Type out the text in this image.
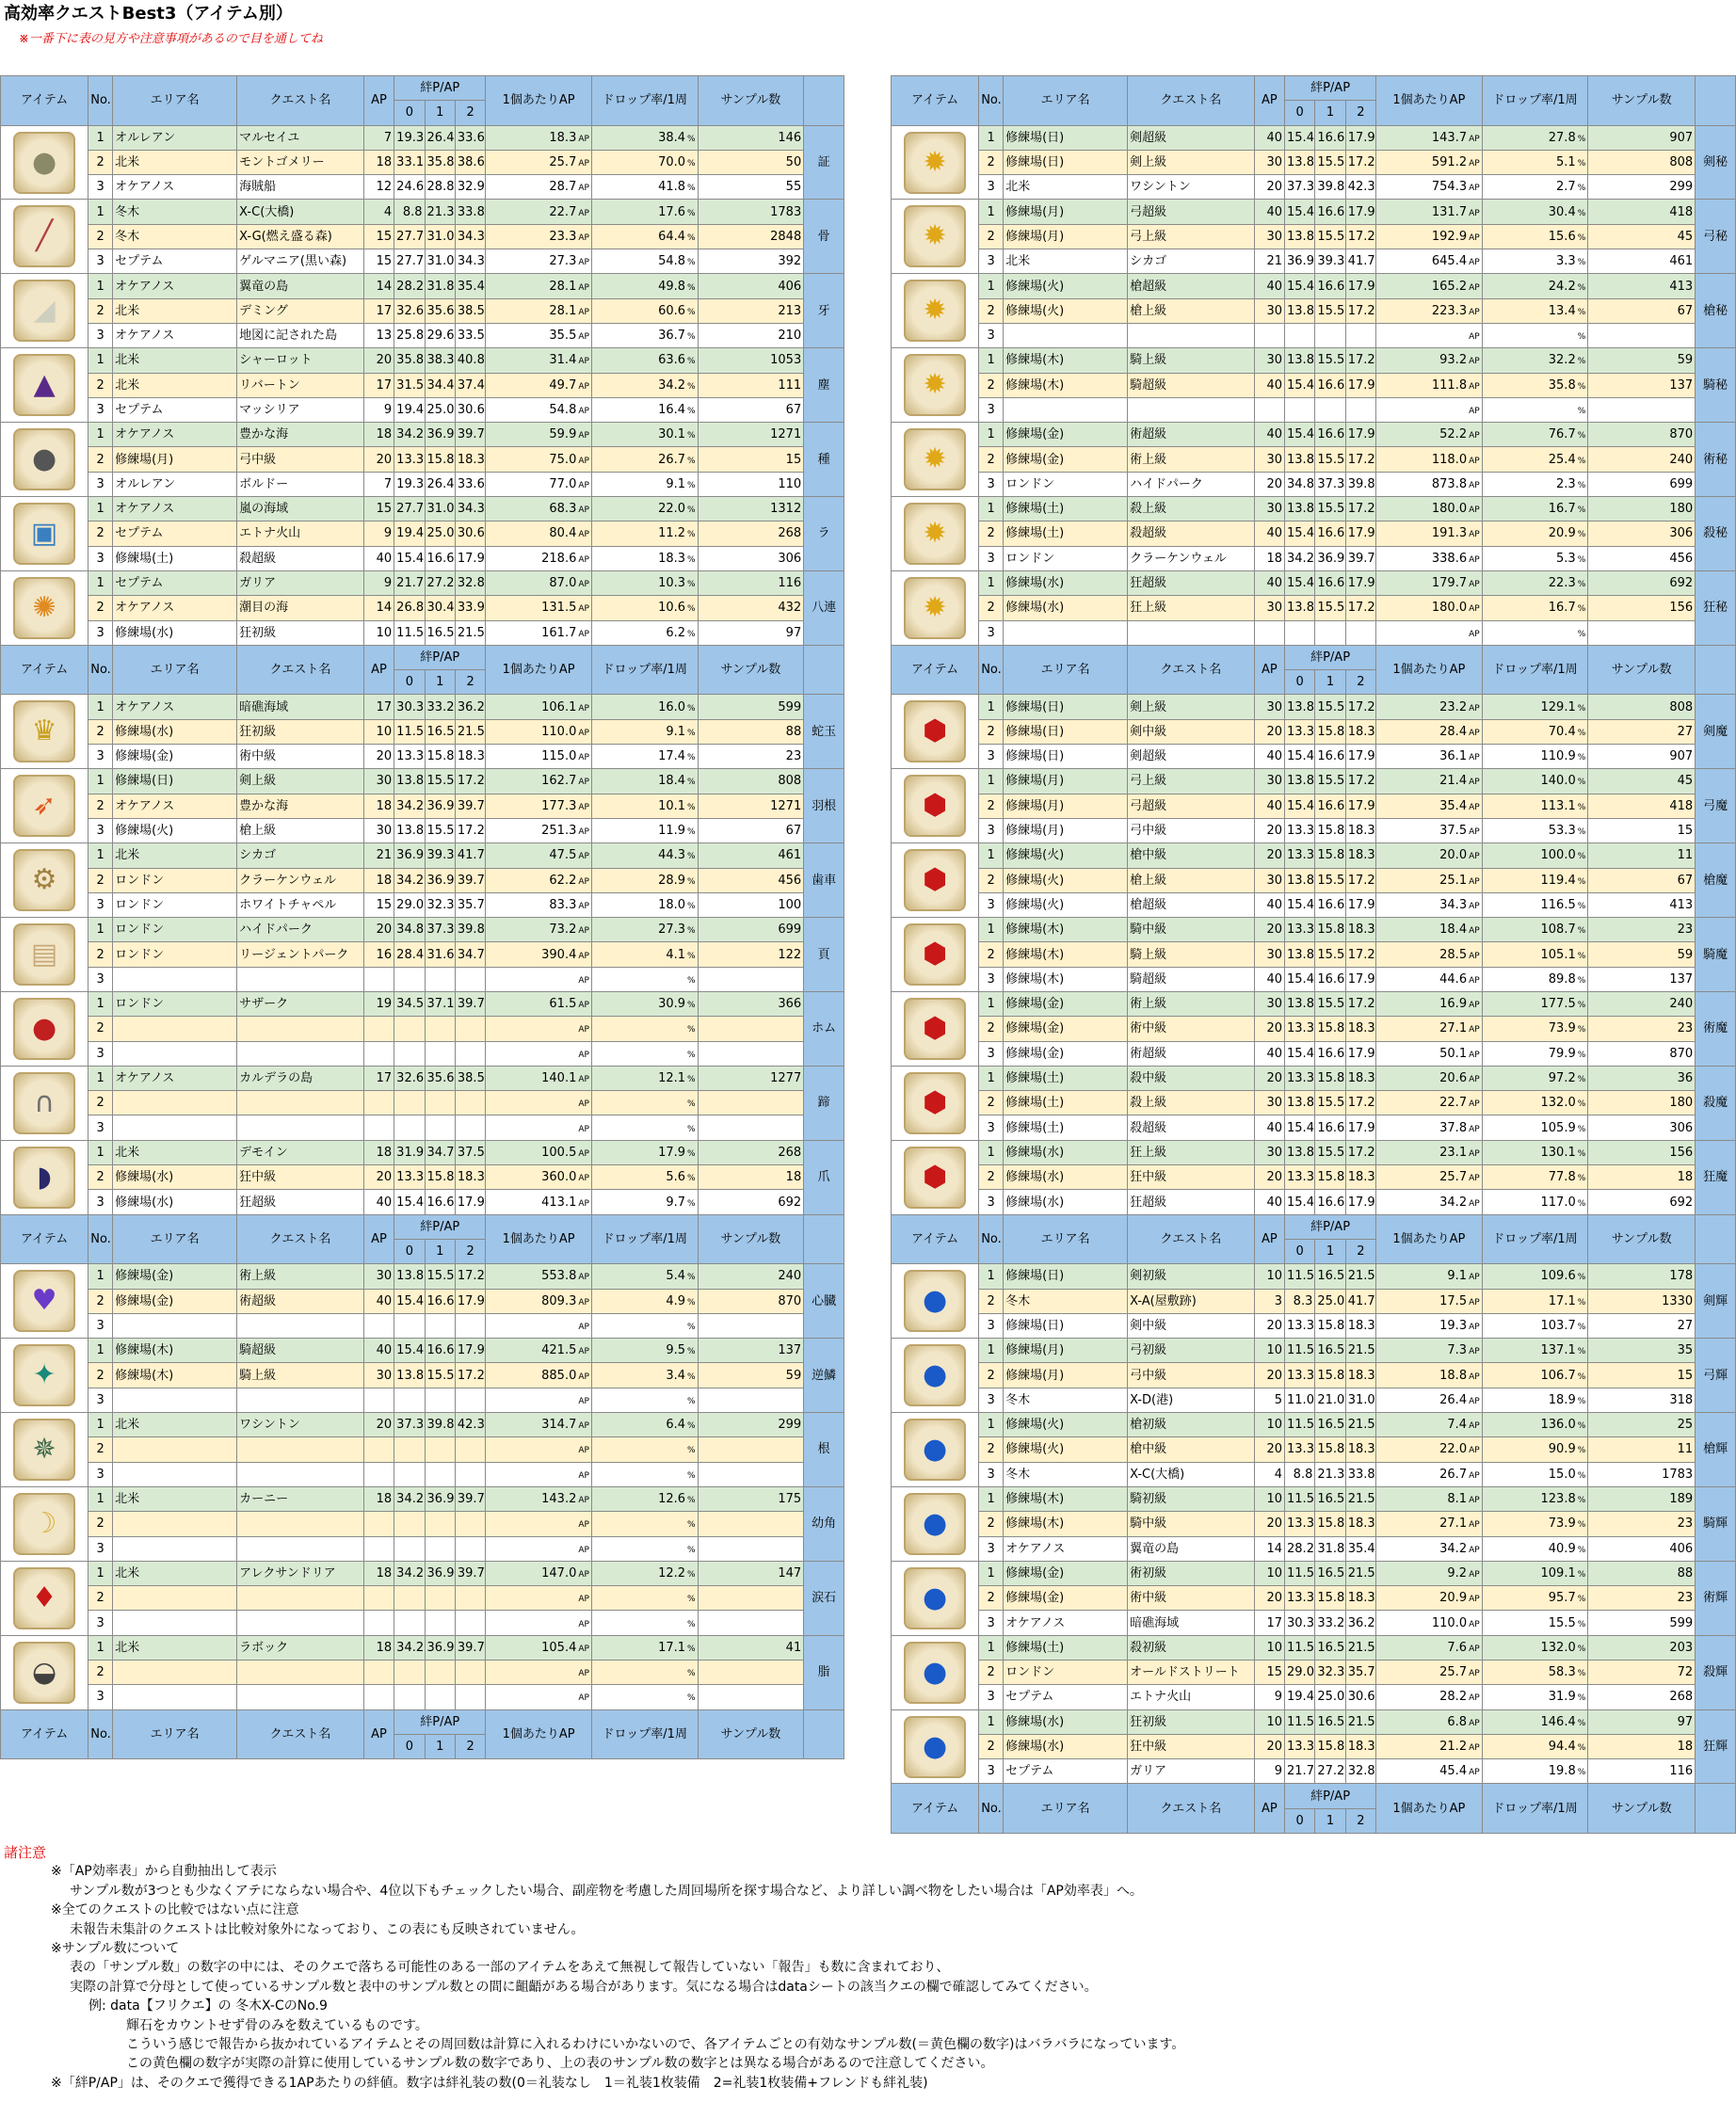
高効率クエストBest3（アイテム別）
※一番下に表の見方や注意事項があるので目を通してね
アイテム	No.	エリア名	クエスト名	AP	絆P/AP			1個あたりAP	ドロップ率/1周	サンプル数	
					0	1	2				

●	1	オルレアン	マルセイユ	7	19.3	26.4	33.6	18.3 AP	38.4 %	146	証
	2	北米	モントゴメリー	18	33.1	35.8	38.6	25.7 AP	70.0 %	50	
	3	オケアノス	海賊船	12	24.6	28.8	32.9	28.7 AP	41.8 %	55	

╱	1	冬木	X-C(大橋)	4	8.8	21.3	33.8	22.7 AP	17.6 %	1783	骨
	2	冬木	X-G(燃え盛る森)	15	27.7	31.0	34.3	23.3 AP	64.4 %	2848	
	3	セプテム	ゲルマニア(黒い森)	15	27.7	31.0	34.3	27.3 AP	54.8 %	392	

◢	1	オケアノス	翼竜の島	14	28.2	31.8	35.4	28.1 AP	49.8 %	406	牙
	2	北米	デミング	17	32.6	35.6	38.5	28.1 AP	60.6 %	213	
	3	オケアノス	地図に記された島	13	25.8	29.6	33.5	35.5 AP	36.7 %	210	

▲	1	北米	シャーロット	20	35.8	38.3	40.8	31.4 AP	63.6 %	1053	塵
	2	北米	リバートン	17	31.5	34.4	37.4	49.7 AP	34.2 %	111	
	3	セプテム	マッシリア	9	19.4	25.0	30.6	54.8 AP	16.4 %	67	

●	1	オケアノス	豊かな海	18	34.2	36.9	39.7	59.9 AP	30.1 %	1271	種
	2	修練場(月)	弓中級	20	13.3	15.8	18.3	75.0 AP	26.7 %	15	
	3	オルレアン	ボルドー	7	19.3	26.4	33.6	77.0 AP	9.1 %	110	

▣	1	オケアノス	嵐の海域	15	27.7	31.0	34.3	68.3 AP	22.0 %	1312	ラ
	2	セプテム	エトナ火山	9	19.4	25.0	30.6	80.4 AP	11.2 %	268	
	3	修練場(土)	殺超級	40	15.4	16.6	17.9	218.6 AP	18.3 %	306	

✺	1	セプテム	ガリア	9	21.7	27.2	32.8	87.0 AP	10.3 %	116	八連
	2	オケアノス	潮目の海	14	26.8	30.4	33.9	131.5 AP	10.6 %	432	
	3	修練場(水)	狂初級	10	11.5	16.5	21.5	161.7 AP	6.2 %	97	
アイテム	No.	エリア名	クエスト名	AP	絆P/AP			1個あたりAP	ドロップ率/1周	サンプル数	
					0	1	2				

♛	1	オケアノス	暗礁海域	17	30.3	33.2	36.2	106.1 AP	16.0 %	599	蛇玉
	2	修練場(水)	狂初級	10	11.5	16.5	21.5	110.0 AP	9.1 %	88	
	3	修練場(金)	術中級	20	13.3	15.8	18.3	115.0 AP	17.4 %	23	

➶	1	修練場(日)	剣上級	30	13.8	15.5	17.2	162.7 AP	18.4 %	808	羽根
	2	オケアノス	豊かな海	18	34.2	36.9	39.7	177.3 AP	10.1 %	1271	
	3	修練場(火)	槍上級	30	13.8	15.5	17.2	251.3 AP	11.9 %	67	

⚙	1	北米	シカゴ	21	36.9	39.3	41.7	47.5 AP	44.3 %	461	歯車
	2	ロンドン	クラーケンウェル	18	34.2	36.9	39.7	62.2 AP	28.9 %	456	
	3	ロンドン	ホワイトチャペル	15	29.0	32.3	35.7	83.3 AP	18.0 %	100	

▤	1	ロンドン	ハイドパーク	20	34.8	37.3	39.8	73.2 AP	27.3 %	699	頁
	2	ロンドン	リージェントパーク	16	28.4	31.6	34.7	390.4 AP	4.1 %	122	
	3							AP	%		

●	1	ロンドン	サザーク	19	34.5	37.1	39.7	61.5 AP	30.9 %	366	ホム
	2							AP	%		
	3							AP	%		

∩	1	オケアノス	カルデラの島	17	32.6	35.6	38.5	140.1 AP	12.1 %	1277	蹄
	2							AP	%		
	3							AP	%		

◗	1	北米	デモイン	18	31.9	34.7	37.5	100.5 AP	17.9 %	268	爪
	2	修練場(水)	狂中級	20	13.3	15.8	18.3	360.0 AP	5.6 %	18	
	3	修練場(水)	狂超級	40	15.4	16.6	17.9	413.1 AP	9.7 %	692	
アイテム	No.	エリア名	クエスト名	AP	絆P/AP			1個あたりAP	ドロップ率/1周	サンプル数	
					0	1	2				

♥	1	修練場(金)	術上級	30	13.8	15.5	17.2	553.8 AP	5.4 %	240	心臓
	2	修練場(金)	術超級	40	15.4	16.6	17.9	809.3 AP	4.9 %	870	
	3							AP	%		

✦	1	修練場(木)	騎超級	40	15.4	16.6	17.9	421.5 AP	9.5 %	137	逆鱗
	2	修練場(木)	騎上級	30	13.8	15.5	17.2	885.0 AP	3.4 %	59	
	3							AP	%		

✵	1	北米	ワシントン	20	37.3	39.8	42.3	314.7 AP	6.4 %	299	根
	2							AP	%		
	3							AP	%		

☽	1	北米	カーニー	18	34.2	36.9	39.7	143.2 AP	12.6 %	175	幼角
	2							AP	%		
	3							AP	%		

♦	1	北米	アレクサンドリア	18	34.2	36.9	39.7	147.0 AP	12.2 %	147	涙石
	2							AP	%		
	3							AP	%		

◒	1	北米	ラボック	18	34.2	36.9	39.7	105.4 AP	17.1 %	41	脂
	2							AP	%		
	3							AP	%		
アイテム	No.	エリア名	クエスト名	AP	絆P/AP			1個あたりAP	ドロップ率/1周	サンプル数	
					0	1	2				
アイテム	No.	エリア名	クエスト名	AP	絆P/AP			1個あたりAP	ドロップ率/1周	サンプル数	
					0	1	2				

✹	1	修練場(日)	剣超級	40	15.4	16.6	17.9	143.7 AP	27.8 %	907	剣秘
	2	修練場(日)	剣上級	30	13.8	15.5	17.2	591.2 AP	5.1 %	808	
	3	北米	ワシントン	20	37.3	39.8	42.3	754.3 AP	2.7 %	299	

✹	1	修練場(月)	弓超級	40	15.4	16.6	17.9	131.7 AP	30.4 %	418	弓秘
	2	修練場(月)	弓上級	30	13.8	15.5	17.2	192.9 AP	15.6 %	45	
	3	北米	シカゴ	21	36.9	39.3	41.7	645.4 AP	3.3 %	461	

✹	1	修練場(火)	槍超級	40	15.4	16.6	17.9	165.2 AP	24.2 %	413	槍秘
	2	修練場(火)	槍上級	30	13.8	15.5	17.2	223.3 AP	13.4 %	67	
	3							AP	%		

✹	1	修練場(木)	騎上級	30	13.8	15.5	17.2	93.2 AP	32.2 %	59	騎秘
	2	修練場(木)	騎超級	40	15.4	16.6	17.9	111.8 AP	35.8 %	137	
	3							AP	%		

✹	1	修練場(金)	術超級	40	15.4	16.6	17.9	52.2 AP	76.7 %	870	術秘
	2	修練場(金)	術上級	30	13.8	15.5	17.2	118.0 AP	25.4 %	240	
	3	ロンドン	ハイドパーク	20	34.8	37.3	39.8	873.8 AP	2.3 %	699	

✹	1	修練場(土)	殺上級	30	13.8	15.5	17.2	180.0 AP	16.7 %	180	殺秘
	2	修練場(土)	殺超級	40	15.4	16.6	17.9	191.3 AP	20.9 %	306	
	3	ロンドン	クラーケンウェル	18	34.2	36.9	39.7	338.6 AP	5.3 %	456	

✹	1	修練場(水)	狂超級	40	15.4	16.6	17.9	179.7 AP	22.3 %	692	狂秘
	2	修練場(水)	狂上級	30	13.8	15.5	17.2	180.0 AP	16.7 %	156	
	3							AP	%		
アイテム	No.	エリア名	クエスト名	AP	絆P/AP			1個あたりAP	ドロップ率/1周	サンプル数	
					0	1	2				

⬢	1	修練場(日)	剣上級	30	13.8	15.5	17.2	23.2 AP	129.1 %	808	剣魔
	2	修練場(日)	剣中級	20	13.3	15.8	18.3	28.4 AP	70.4 %	27	
	3	修練場(日)	剣超級	40	15.4	16.6	17.9	36.1 AP	110.9 %	907	

⬢	1	修練場(月)	弓上級	30	13.8	15.5	17.2	21.4 AP	140.0 %	45	弓魔
	2	修練場(月)	弓超級	40	15.4	16.6	17.9	35.4 AP	113.1 %	418	
	3	修練場(月)	弓中級	20	13.3	15.8	18.3	37.5 AP	53.3 %	15	

⬢	1	修練場(火)	槍中級	20	13.3	15.8	18.3	20.0 AP	100.0 %	11	槍魔
	2	修練場(火)	槍上級	30	13.8	15.5	17.2	25.1 AP	119.4 %	67	
	3	修練場(火)	槍超級	40	15.4	16.6	17.9	34.3 AP	116.5 %	413	

⬢	1	修練場(木)	騎中級	20	13.3	15.8	18.3	18.4 AP	108.7 %	23	騎魔
	2	修練場(木)	騎上級	30	13.8	15.5	17.2	28.5 AP	105.1 %	59	
	3	修練場(木)	騎超級	40	15.4	16.6	17.9	44.6 AP	89.8 %	137	

⬢	1	修練場(金)	術上級	30	13.8	15.5	17.2	16.9 AP	177.5 %	240	術魔
	2	修練場(金)	術中級	20	13.3	15.8	18.3	27.1 AP	73.9 %	23	
	3	修練場(金)	術超級	40	15.4	16.6	17.9	50.1 AP	79.9 %	870	

⬢	1	修練場(土)	殺中級	20	13.3	15.8	18.3	20.6 AP	97.2 %	36	殺魔
	2	修練場(土)	殺上級	30	13.8	15.5	17.2	22.7 AP	132.0 %	180	
	3	修練場(土)	殺超級	40	15.4	16.6	17.9	37.8 AP	105.9 %	306	

⬢	1	修練場(水)	狂上級	30	13.8	15.5	17.2	23.1 AP	130.1 %	156	狂魔
	2	修練場(水)	狂中級	20	13.3	15.8	18.3	25.7 AP	77.8 %	18	
	3	修練場(水)	狂超級	40	15.4	16.6	17.9	34.2 AP	117.0 %	692	
アイテム	No.	エリア名	クエスト名	AP	絆P/AP			1個あたりAP	ドロップ率/1周	サンプル数	
					0	1	2				

●	1	修練場(日)	剣初級	10	11.5	16.5	21.5	9.1 AP	109.6 %	178	剣輝
	2	冬木	X-A(屋敷跡)	3	8.3	25.0	41.7	17.5 AP	17.1 %	1330	
	3	修練場(日)	剣中級	20	13.3	15.8	18.3	19.3 AP	103.7 %	27	

●	1	修練場(月)	弓初級	10	11.5	16.5	21.5	7.3 AP	137.1 %	35	弓輝
	2	修練場(月)	弓中級	20	13.3	15.8	18.3	18.8 AP	106.7 %	15	
	3	冬木	X-D(港)	5	11.0	21.0	31.0	26.4 AP	18.9 %	318	

●	1	修練場(火)	槍初級	10	11.5	16.5	21.5	7.4 AP	136.0 %	25	槍輝
	2	修練場(火)	槍中級	20	13.3	15.8	18.3	22.0 AP	90.9 %	11	
	3	冬木	X-C(大橋)	4	8.8	21.3	33.8	26.7 AP	15.0 %	1783	

●	1	修練場(木)	騎初級	10	11.5	16.5	21.5	8.1 AP	123.8 %	189	騎輝
	2	修練場(木)	騎中級	20	13.3	15.8	18.3	27.1 AP	73.9 %	23	
	3	オケアノス	翼竜の島	14	28.2	31.8	35.4	34.2 AP	40.9 %	406	

●	1	修練場(金)	術初級	10	11.5	16.5	21.5	9.2 AP	109.1 %	88	術輝
	2	修練場(金)	術中級	20	13.3	15.8	18.3	20.9 AP	95.7 %	23	
	3	オケアノス	暗礁海域	17	30.3	33.2	36.2	110.0 AP	15.5 %	599	

●	1	修練場(土)	殺初級	10	11.5	16.5	21.5	7.6 AP	132.0 %	203	殺輝
	2	ロンドン	オールドストリート	15	29.0	32.3	35.7	25.7 AP	58.3 %	72	
	3	セプテム	エトナ火山	9	19.4	25.0	30.6	28.2 AP	31.9 %	268	

●	1	修練場(水)	狂初級	10	11.5	16.5	21.5	6.8 AP	146.4 %	97	狂輝
	2	修練場(水)	狂中級	20	13.3	15.8	18.3	21.2 AP	94.4 %	18	
	3	セプテム	ガリア	9	21.7	27.2	32.8	45.4 AP	19.8 %	116	
アイテム	No.	エリア名	クエスト名	AP	絆P/AP			1個あたりAP	ドロップ率/1周	サンプル数	
					0	1	2				
諸注意
※「AP効率表」から自動抽出して表示
サンプル数が3つとも少なくアテにならない場合や、4位以下もチェックしたい場合、副産物を考慮した周回場所を探す場合など、より詳しい調べ物をしたい場合は「AP効率表」へ。
※全てのクエストの比較ではない点に注意
未報告未集計のクエストは比較対象外になっており、この表にも反映されていません。
※サンプル数について
表の「サンプル数」の数字の中には、そのクエで落ちる可能性のある一部のアイテムをあえて無視して報告していない「報告」も数に含まれており、
実際の計算で分母として使っているサンプル数と表中のサンプル数との間に齟齬がある場合があります。気になる場合はdataシートの該当クエの欄で確認してみてください。
例: data【フリクエ】の 冬木X-CのNo.9
輝石をカウントせず骨のみを数えているものです。
こういう感じで報告から抜かれているアイテムとその周回数は計算に入れるわけにいかないので、各アイテムごとの有効なサンプル数(＝黄色欄の数字)はバラバラになっています。
この黄色欄の数字が実際の計算に使用しているサンプル数の数字であり、上の表のサンプル数の数字とは異なる場合があるので注意してください。
※「絆P/AP」は、そのクエで獲得できる1APあたりの絆値。数字は絆礼装の数(0＝礼装なし　1＝礼装1枚装備　2=礼装1枚装備+フレンドも絆礼装)
